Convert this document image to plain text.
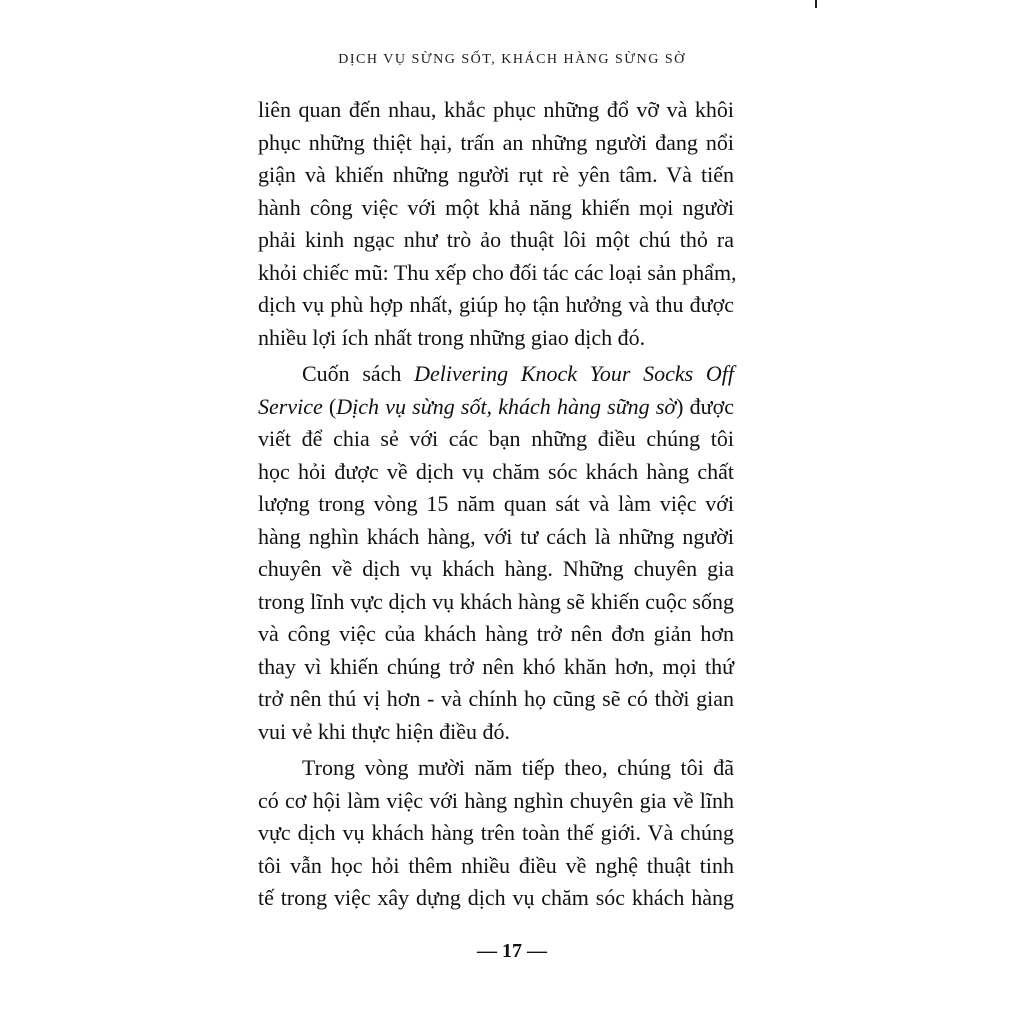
DỊCH VỤ SỪNG SỐT, KHÁCH HÀNG SỪNG SỜ
liên quan đến nhau, khắc phục những đổ vỡ và khôi
phục những thiệt hại, trấn an những người đang nổi
giận và khiến những người rụt rè yên tâm. Và tiến
hành công việc với một khả năng khiến mọi người
phải kinh ngạc như trò ảo thuật lôi một chú thỏ ra
khỏi chiếc mũ: Thu xếp cho đối tác các loại sản phẩm,
dịch vụ phù hợp nhất, giúp họ tận hưởng và thu được
nhiều lợi ích nhất trong những giao dịch đó.
Cuốn sách Delivering Knock Your Socks Off
Service (Dịch vụ sừng sốt, khách hàng sững sờ) được
viết để chia sẻ với các bạn những điều chúng tôi
học hỏi được về dịch vụ chăm sóc khách hàng chất
lượng trong vòng 15 năm quan sát và làm việc với
hàng nghìn khách hàng, với tư cách là những người
chuyên về dịch vụ khách hàng. Những chuyên gia
trong lĩnh vực dịch vụ khách hàng sẽ khiến cuộc sống
và công việc của khách hàng trở nên đơn giản hơn
thay vì khiến chúng trở nên khó khăn hơn, mọi thứ
trở nên thú vị hơn - và chính họ cũng sẽ có thời gian
vui vẻ khi thực hiện điều đó.
Trong vòng mười năm tiếp theo, chúng tôi đã
có cơ hội làm việc với hàng nghìn chuyên gia về lĩnh
vực dịch vụ khách hàng trên toàn thế giới. Và chúng
tôi vẫn học hỏi thêm nhiều điều về nghệ thuật tinh
tế trong việc xây dựng dịch vụ chăm sóc khách hàng
— 17 —
